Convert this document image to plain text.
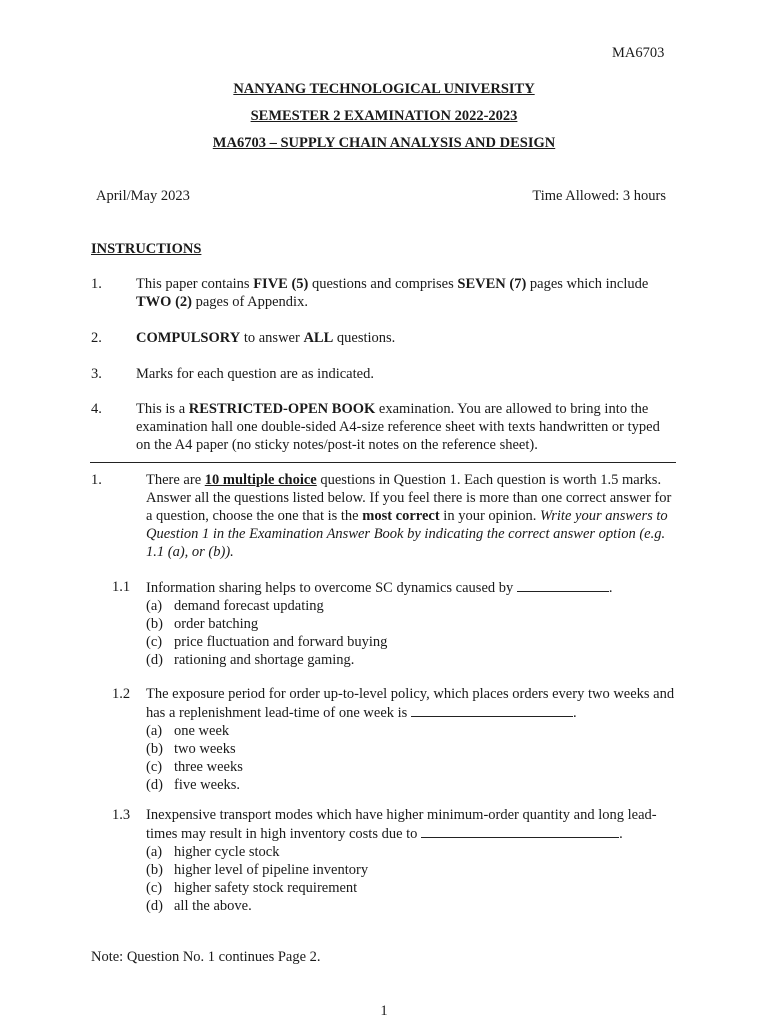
MA6703
NANYANG TECHNOLOGICAL UNIVERSITY
SEMESTER 2 EXAMINATION 2022-2023
MA6703 – SUPPLY CHAIN ANALYSIS AND DESIGN
April/May 2023	Time Allowed: 3 hours
INSTRUCTIONS
1.	This paper contains FIVE (5) questions and comprises SEVEN (7) pages which include TWO (2) pages of Appendix.
2.	COMPULSORY to answer ALL questions.
3.	Marks for each question are as indicated.
4.	This is a RESTRICTED-OPEN BOOK examination. You are allowed to bring into the examination hall one double-sided A4-size reference sheet with texts handwritten or typed on the A4 paper (no sticky notes/post-it notes on the reference sheet).
1.	There are 10 multiple choice questions in Question 1. Each question is worth 1.5 marks. Answer all the questions listed below. If you feel there is more than one correct answer for a question, choose the one that is the most correct in your opinion. Write your answers to Question 1 in the Examination Answer Book by indicating the correct answer option (e.g. 1.1 (a), or (b)).
1.1	Information sharing helps to overcome SC dynamics caused by	.
(a) demand forecast updating
(b) order batching
(c) price fluctuation and forward buying
(d) rationing and shortage gaming.
1.2	The exposure period for order up-to-level policy, which places orders every two weeks and has a replenishment lead-time of one week is	.
(a) one week
(b) two weeks
(c) three weeks
(d) five weeks.
1.3	Inexpensive transport modes which have higher minimum-order quantity and long lead-times may result in high inventory costs due to	.
(a) higher cycle stock
(b) higher level of pipeline inventory
(c) higher safety stock requirement
(d) all the above.
Note: Question No. 1 continues Page 2.
1
